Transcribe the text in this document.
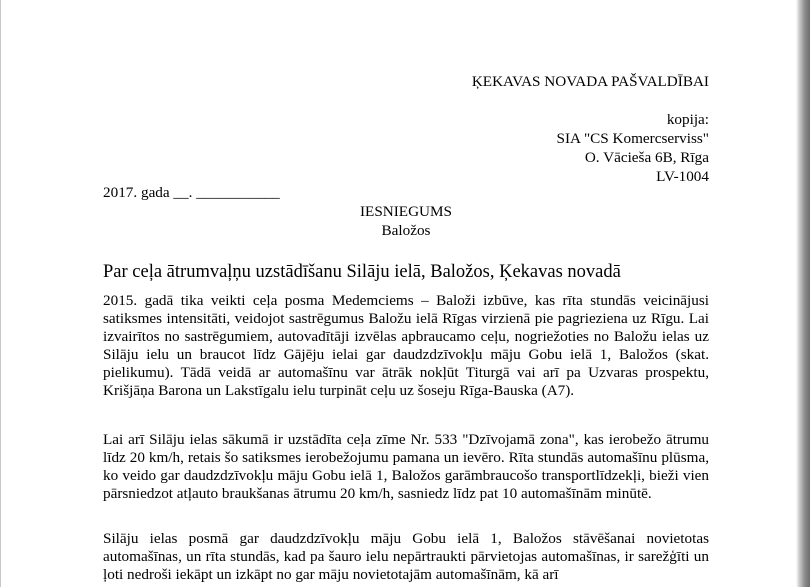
ĶEKAVAS NOVADA PAŠVALDĪBAI
kopija:
SIA "CS Komercserviss"
O. Vācieša 6B, Rīga
LV-1004
2017. gada __. ___________
IESNIEGUMS
Baložos
Par ceļa ātrumvaļņu uzstādīšanu Silāju ielā, Baložos, Ķekavas novadā

2015. gadā tika veikti ceļa posma Medemciems – Baloži izbūve, kas rīta stundās veicinājusi satiksmes intensitāti, veidojot sastrēgumus Baložu ielā Rīgas virzienā pie pagrieziena uz Rīgu. Lai izvairītos no sastrēgumiem, autovadītāji izvēlas apbraucamo ceļu, nogriežoties no Baložu ielas uz Silāju ielu un braucot līdz Gājēju ielai gar daudzdzīvokļu māju Gobu ielā 1, Baložos (skat. pielikumu). Tādā veidā ar automašīnu var ātrāk nokļūt Titurgā vai arī pa Uzvaras prospektu, Krišjāņa Barona un Lakstīgalu ielu turpināt ceļu uz šoseju Rīga-Bauska (A7).

Lai arī Silāju ielas sākumā ir uzstādīta ceļa zīme Nr. 533 "Dzīvojamā zona", kas ierobežo ātrumu līdz 20 km/h, retais šo satiksmes ierobežojumu pamana un ievēro. Rīta stundās automašīnu plūsma, ko veido gar daudzdzīvokļu māju Gobu ielā 1, Baložos garāmbraucošo transportlīdzekļi, bieži vien pārsniedzot atļauto braukšanas ātrumu 20 km/h, sasniedz līdz pat 10 automašīnām minūtē.

Silāju ielas posmā gar daudzdzīvokļu māju Gobu ielā 1, Baložos stāvēšanai novietotas automašīnas, un rīta stundās, kad pa šauro ielu nepārtraukti pārvietojas automašīnas, ir sarežģīti un ļoti nedroši iekāpt un izkāpt no gar māju novietotajām automašīnām, kā arī
